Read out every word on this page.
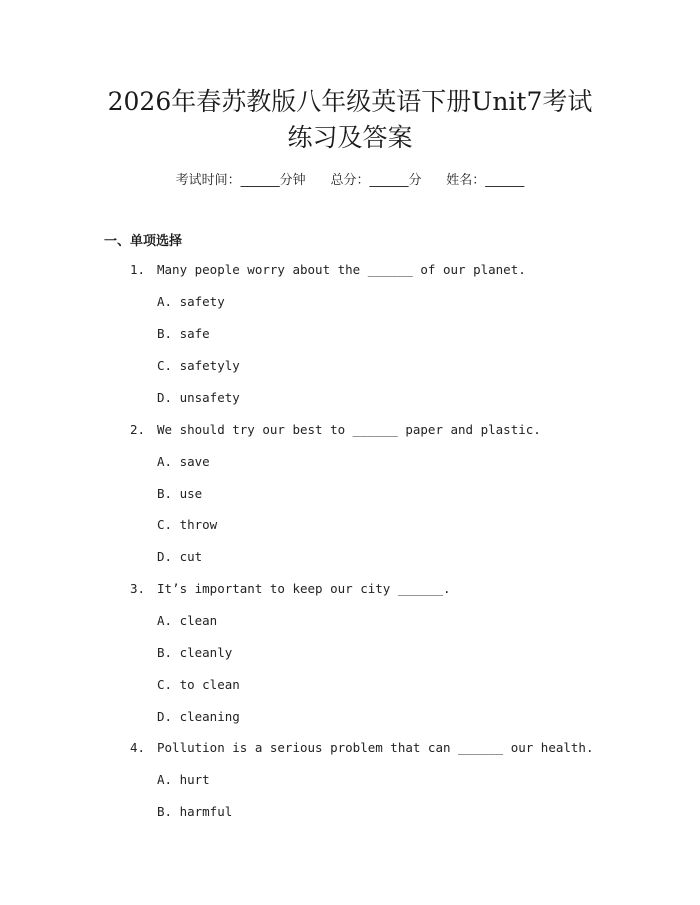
2026年春苏教版八年级英语下册Unit7考试
练习及答案
考试时间：______分钟 总分：______分 姓名：______
一、单项选择
1. Many people worry about the ______ of our planet.
A. safety
B. safe
C. safetyly
D. unsafety
2. We should try our best to ______ paper and plastic.
A. save
B. use
C. throw
D. cut
3. It’s important to keep our city ______.
A. clean
B. cleanly
C. to clean
D. cleaning
4. Pollution is a serious problem that can ______ our health.
A. hurt
B. harmful
